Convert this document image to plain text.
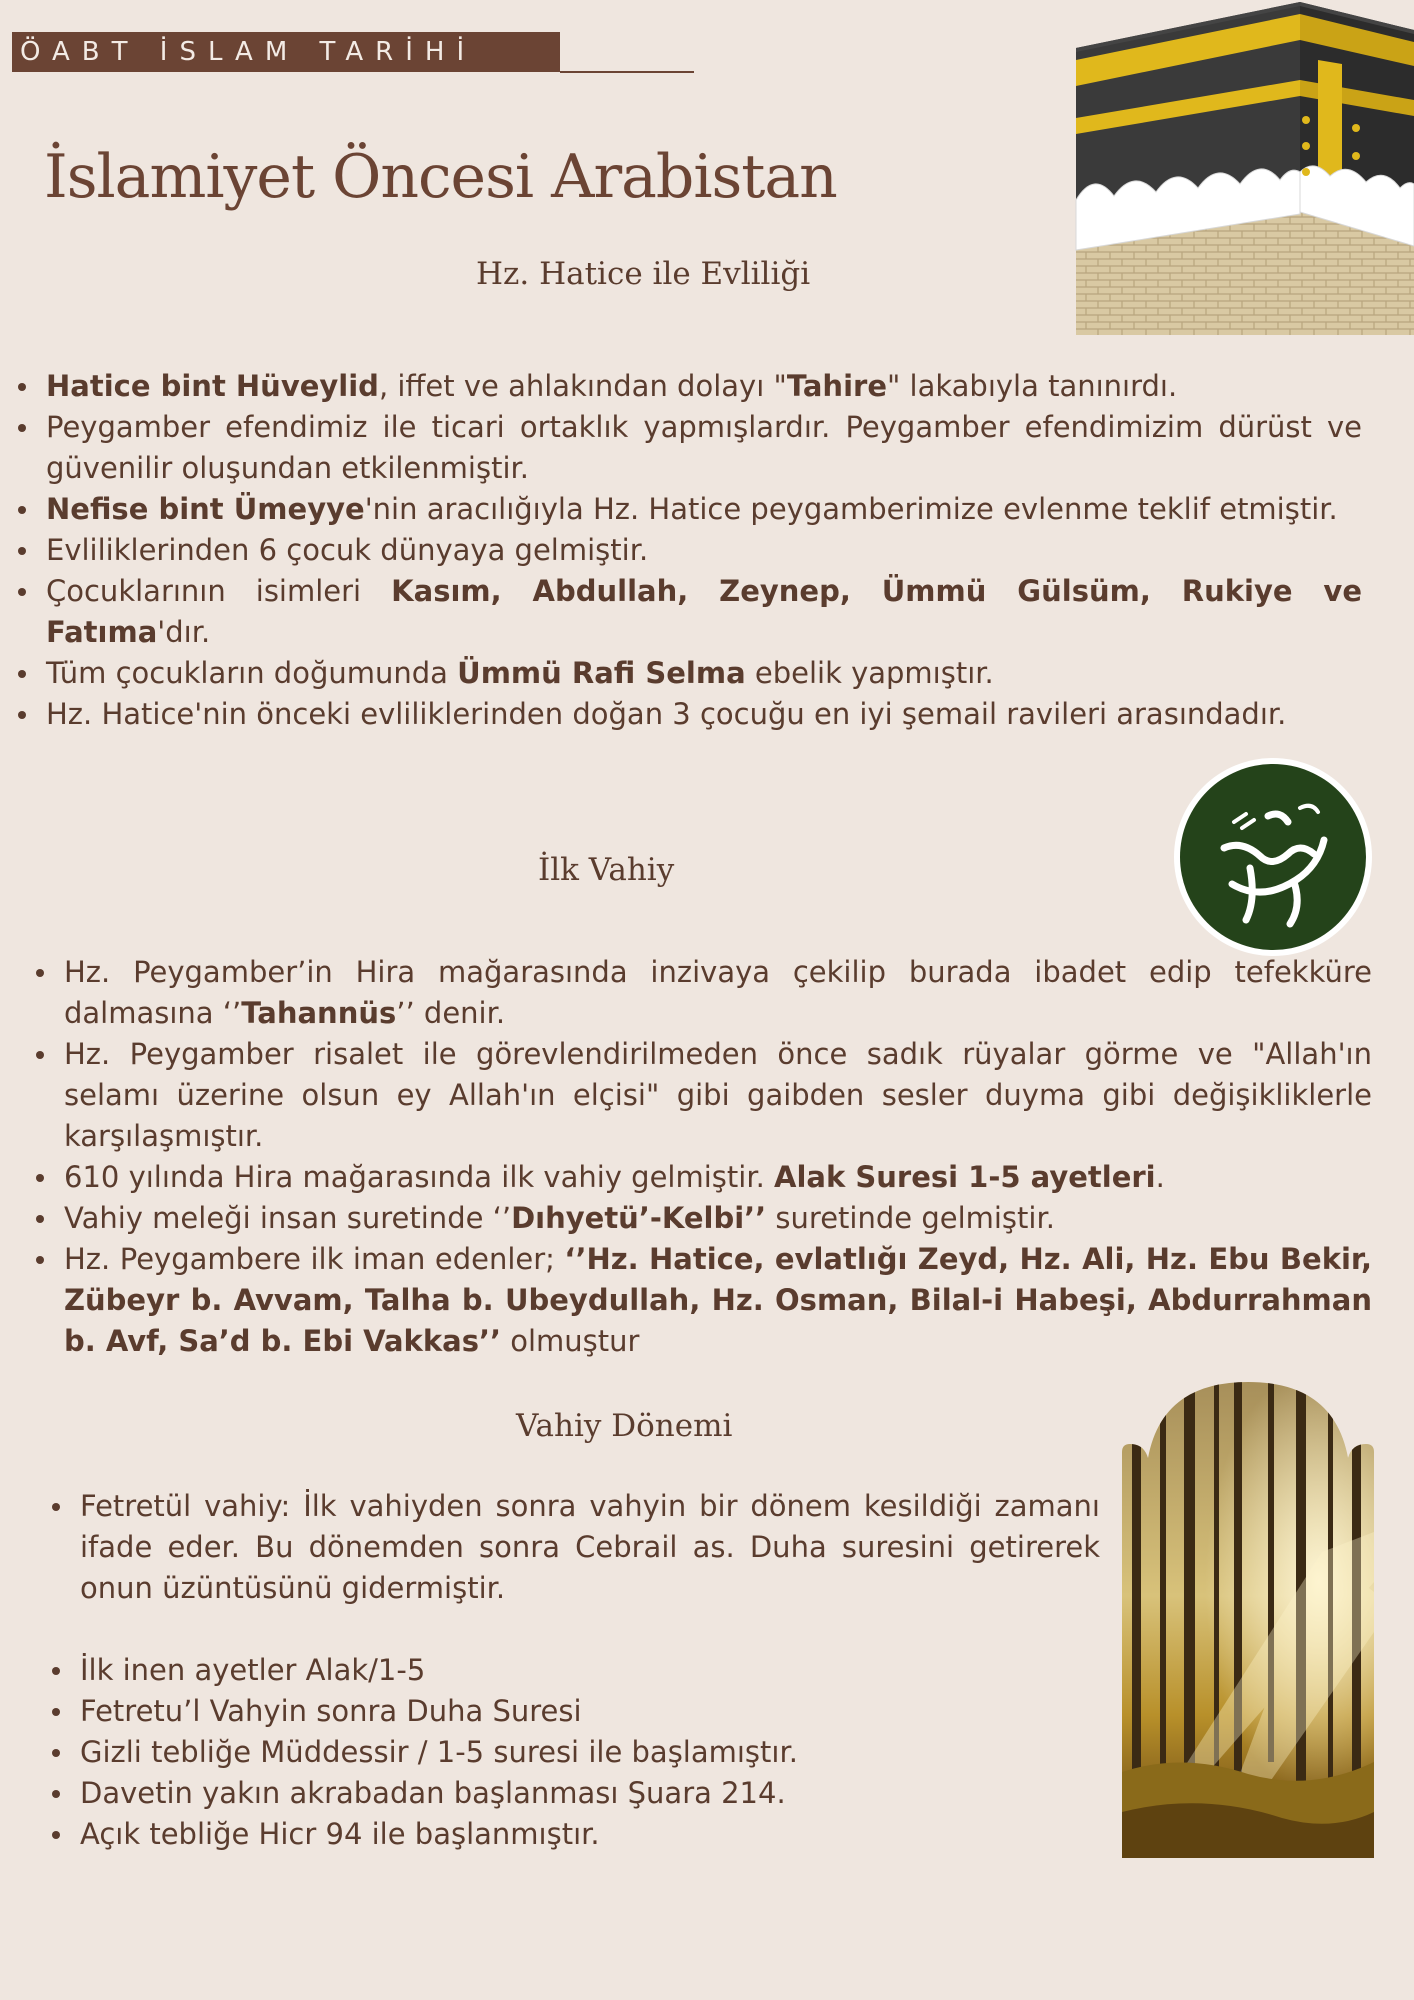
ÖABT İSLAM TARİHİ
İslamiyet Öncesi Arabistan
Hz. Hatice ile Evliliği
Hatice bint Hüveylid, iffet ve ahlakından dolayı "Tahire" lakabıyla tanınırdı.
Peygamber efendimiz ile ticari ortaklık yapmışlardır. Peygamber efendimizim dürüst ve güvenilir oluşundan etkilenmiştir.
Nefise bint Ümeyye'nin aracılığıyla Hz. Hatice peygamberimize evlenme teklif etmiştir.
Evliliklerinden 6 çocuk dünyaya gelmiştir.
Çocuklarının isimleri Kasım, Abdullah, Zeynep, Ümmü Gülsüm, Rukiye ve Fatıma'dır.
Tüm çocukların doğumunda Ümmü Rafi Selma ebelik yapmıştır.
Hz. Hatice'nin önceki evliliklerinden doğan 3 çocuğu en iyi şemail ravileri arasındadır.
İlk Vahiy
Hz. Peygamber’in Hira mağarasında inzivaya çekilip burada ibadet edip tefekküre dalmasına ‘’Tahannüs’’ denir.
Hz. Peygamber risalet ile görevlendirilmeden önce sadık rüyalar görme ve "Allah'ın selamı üzerine olsun ey Allah'ın elçisi" gibi gaibden sesler duyma gibi değişikliklerle karşılaşmıştır.
610 yılında Hira mağarasında ilk vahiy gelmiştir. Alak Suresi 1-5 ayetleri.
Vahiy meleği insan suretinde ‘’Dıhyetü’-Kelbi’’ suretinde gelmiştir.
Hz. Peygambere ilk iman edenler; ‘’Hz. Hatice, evlatlığı Zeyd, Hz. Ali, Hz. Ebu Bekir, Zübeyr b. Avvam, Talha b. Ubeydullah, Hz. Osman, Bilal-i Habeşi, Abdurrahman b. Avf, Sa’d b. Ebi Vakkas’’ olmuştur
Vahiy Dönemi
Fetretül vahiy: İlk vahiyden sonra vahyin bir dönem kesildiği zamanı ifade eder. Bu dönemden sonra Cebrail as. Duha suresini getirerek onun üzüntüsünü gidermiştir.
İlk inen ayetler Alak/1-5
Fetretu’l Vahyin sonra Duha Suresi
Gizli tebliğe Müddessir / 1-5 suresi ile başlamıştır.
Davetin yakın akrabadan başlanması Şuara 214.
Açık tebliğe Hicr 94 ile başlanmıştır.
